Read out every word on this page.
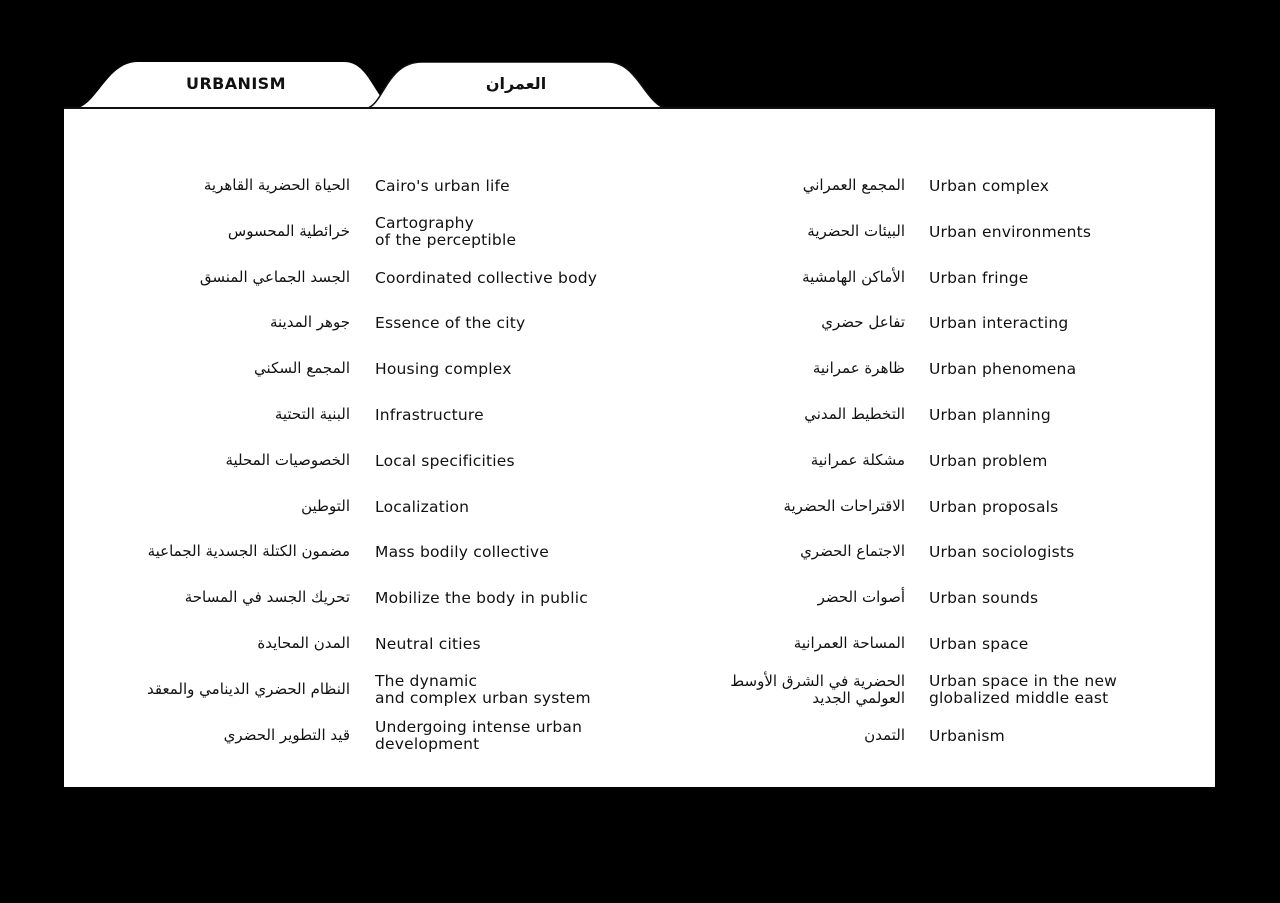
URBANISM	العمران
الحياة الحضرية القاهرية Cairo's urban life
خرائطية المحسوس Cartography
of the perceptible
الجسد الجماعي المنسق Coordinated collective body
جوهر المدينة Essence of the city
المجمع السكني Housing complex
البنية التحتية Infrastructure
الخصوصيات المحلية Local specificities
التوطين Localization
مضمون الكتلة الجسدية الجماعية Mass bodily collective
تحريك الجسد في المساحة Mobilize the body in public
المدن المحايدة Neutral cities
النظام الحضري الدينامي والمعقد The dynamic
and complex urban system
قيد التطوير الحضري Undergoing intense urban
development
المجمع العمراني Urban complex
البيئات الحضرية Urban environments
الأماكن الهامشية Urban fringe
تفاعل حضري Urban interacting
ظاهرة عمرانية Urban phenomena
التخطيط المدني Urban planning
مشكلة عمرانية Urban problem
الاقتراحات الحضرية Urban proposals
الاجتماع الحضري Urban sociologists
أصوات الحضر Urban sounds
المساحة العمرانية Urban space
الحضرية في الشرق الأوسط
العولمي الجديد
Urban space in the new
globalized middle east
التمدن Urbanism
